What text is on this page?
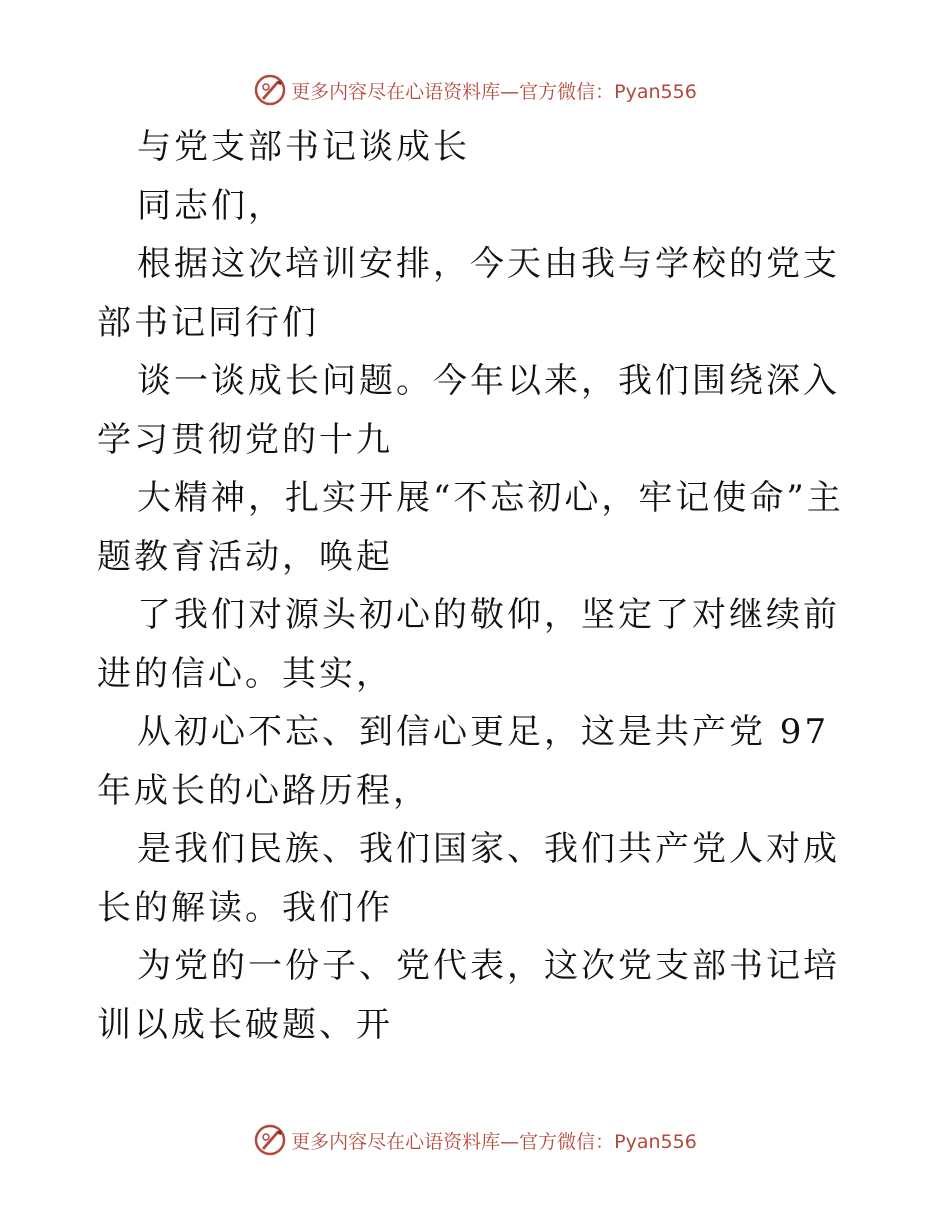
更多内容尽在心语资料库—官方微信：Pyan556

与党支部书记谈成长

同志们，

根据这次培训安排，今天由我与学校的党支部书记同行们

谈一谈成长问题。今年以来，我们围绕深入学习贯彻党的十九

大精神，扎实开展“不忘初心，牢记使命”主题教育活动，唤起

了我们对源头初心的敬仰，坚定了对继续前进的信心。其实，

从初心不忘、到信心更足，这是共产党 97 年成长的心路历程，

是我们民族、我们国家、我们共产党人对成长的解读。我们作

为党的一份子、党代表，这次党支部书记培训以成长破题、开

更多内容尽在心语资料库—官方微信：Pyan556
